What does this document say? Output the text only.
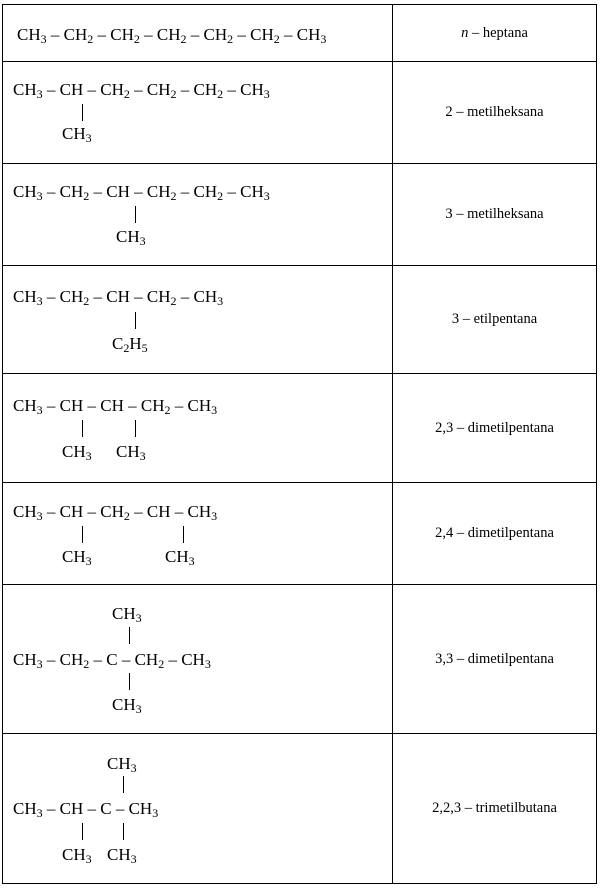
$CH_3 - CH_2 - CH_2 - CH_2 - CH_2 - CH_2 - CH_3$	n – heptana

$CH_3$ – CH – $CH_2 - CH_2 - CH_2 - CH_3$
$CH_3$	2 – metilheksana

$CH_3 - CH_2$ – CH – $CH_2 - CH_2 - CH_3$
$CH_3$	3 – metilheksana

$CH_3 - CH_2$ – CH – $CH_2 - CH_3$
$C_2H_5$	3 – etilpentana

$CH_3$ – CH – CH – $CH_2 - CH_3$
$CH_3$ $CH_3$	2,3 – dimetilpentana

$CH_3$ – CH – $CH_2$ – CH – $CH_3$
$CH_3$ $CH_3$	2,4 – dimetilpentana

$CH_3$
$CH_3 - CH_2$ – C – $CH_2 - CH_3$
$CH_3$	3,3 – dimetilpentana

$CH_3$
$CH_3$ – CH – C – $CH_3$
$CH_3$ $CH_3$	2,2,3 – trimetilbutana
